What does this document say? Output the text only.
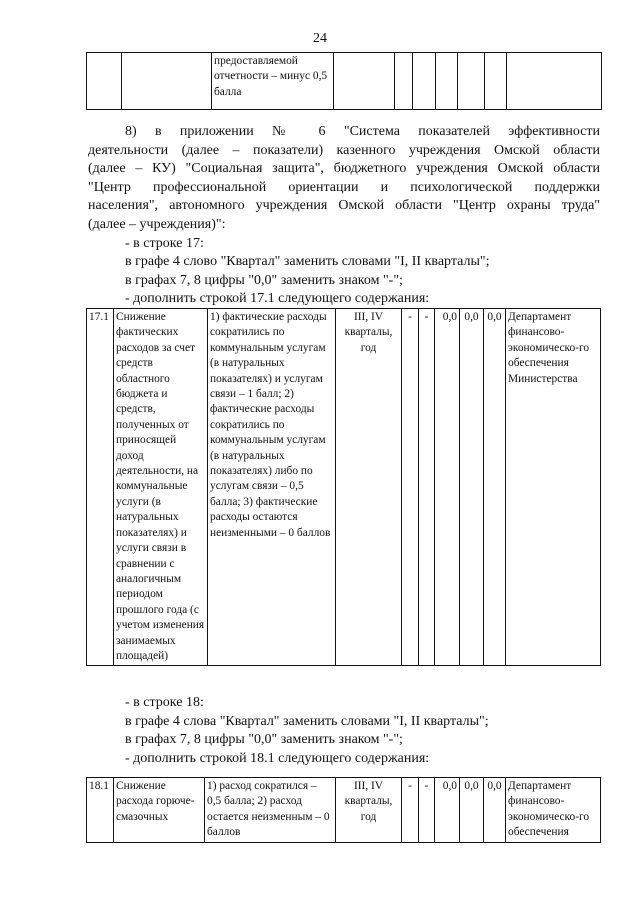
24
		предоставляемой отчетности – минус 0,5 балла							

8) в приложении № 6 "Система показателей эффективности

деятельности (далее – показатели) казенного учреждения Омской области

(далее – КУ) "Социальная защита", бюджетного учреждения Омской области

"Центр профессиональной ориентации и психологической поддержки

населения", автономного учреждения Омской области "Центр охраны труда"

(далее – учреждения)":

- в строке 17:

в графе 4 слово "Квартал" заменить словами "I, II кварталы";

в графах 7, 8 цифры "0,0" заменить знаком "-";

- дополнить строкой 17.1 следующего содержания:

17.1	Снижение фактических расходов за счет средств областного бюджета и средств, полученных от приносящей доход деятельности, на коммунальные услуги (в натуральных показателях) и услуги связи в сравнении с аналогичным периодом прошлого года (с учетом изменения занимаемых площадей)	1) фактические расходы сократились по коммунальным услугам (в натуральных показателях) и услугам связи – 1 балл; 2) фактические расходы сократились по коммунальным услугам (в натуральных показателях) либо по услугам связи – 0,5 балла; 3) фактические расходы остаются неизменными – 0 баллов	III, IV кварталы, год	-	-	0,0	0,0	0,0	Департамент финансово-экономическо-го обеспечения Министерства

- в строке 18:

в графе 4 слова "Квартал" заменить словами "I, II кварталы";

в графах 7, 8 цифры "0,0" заменить знаком "-";

- дополнить строкой 18.1 следующего содержания:

18.1	Снижение расхода горюче-смазочных	1) расход сократился – 0,5 балла; 2) расход остается неизменным – 0 баллов	III, IV кварталы, год	-	-	0,0	0,0	0,0	Департамент финансово-экономическо-го обеспечения
